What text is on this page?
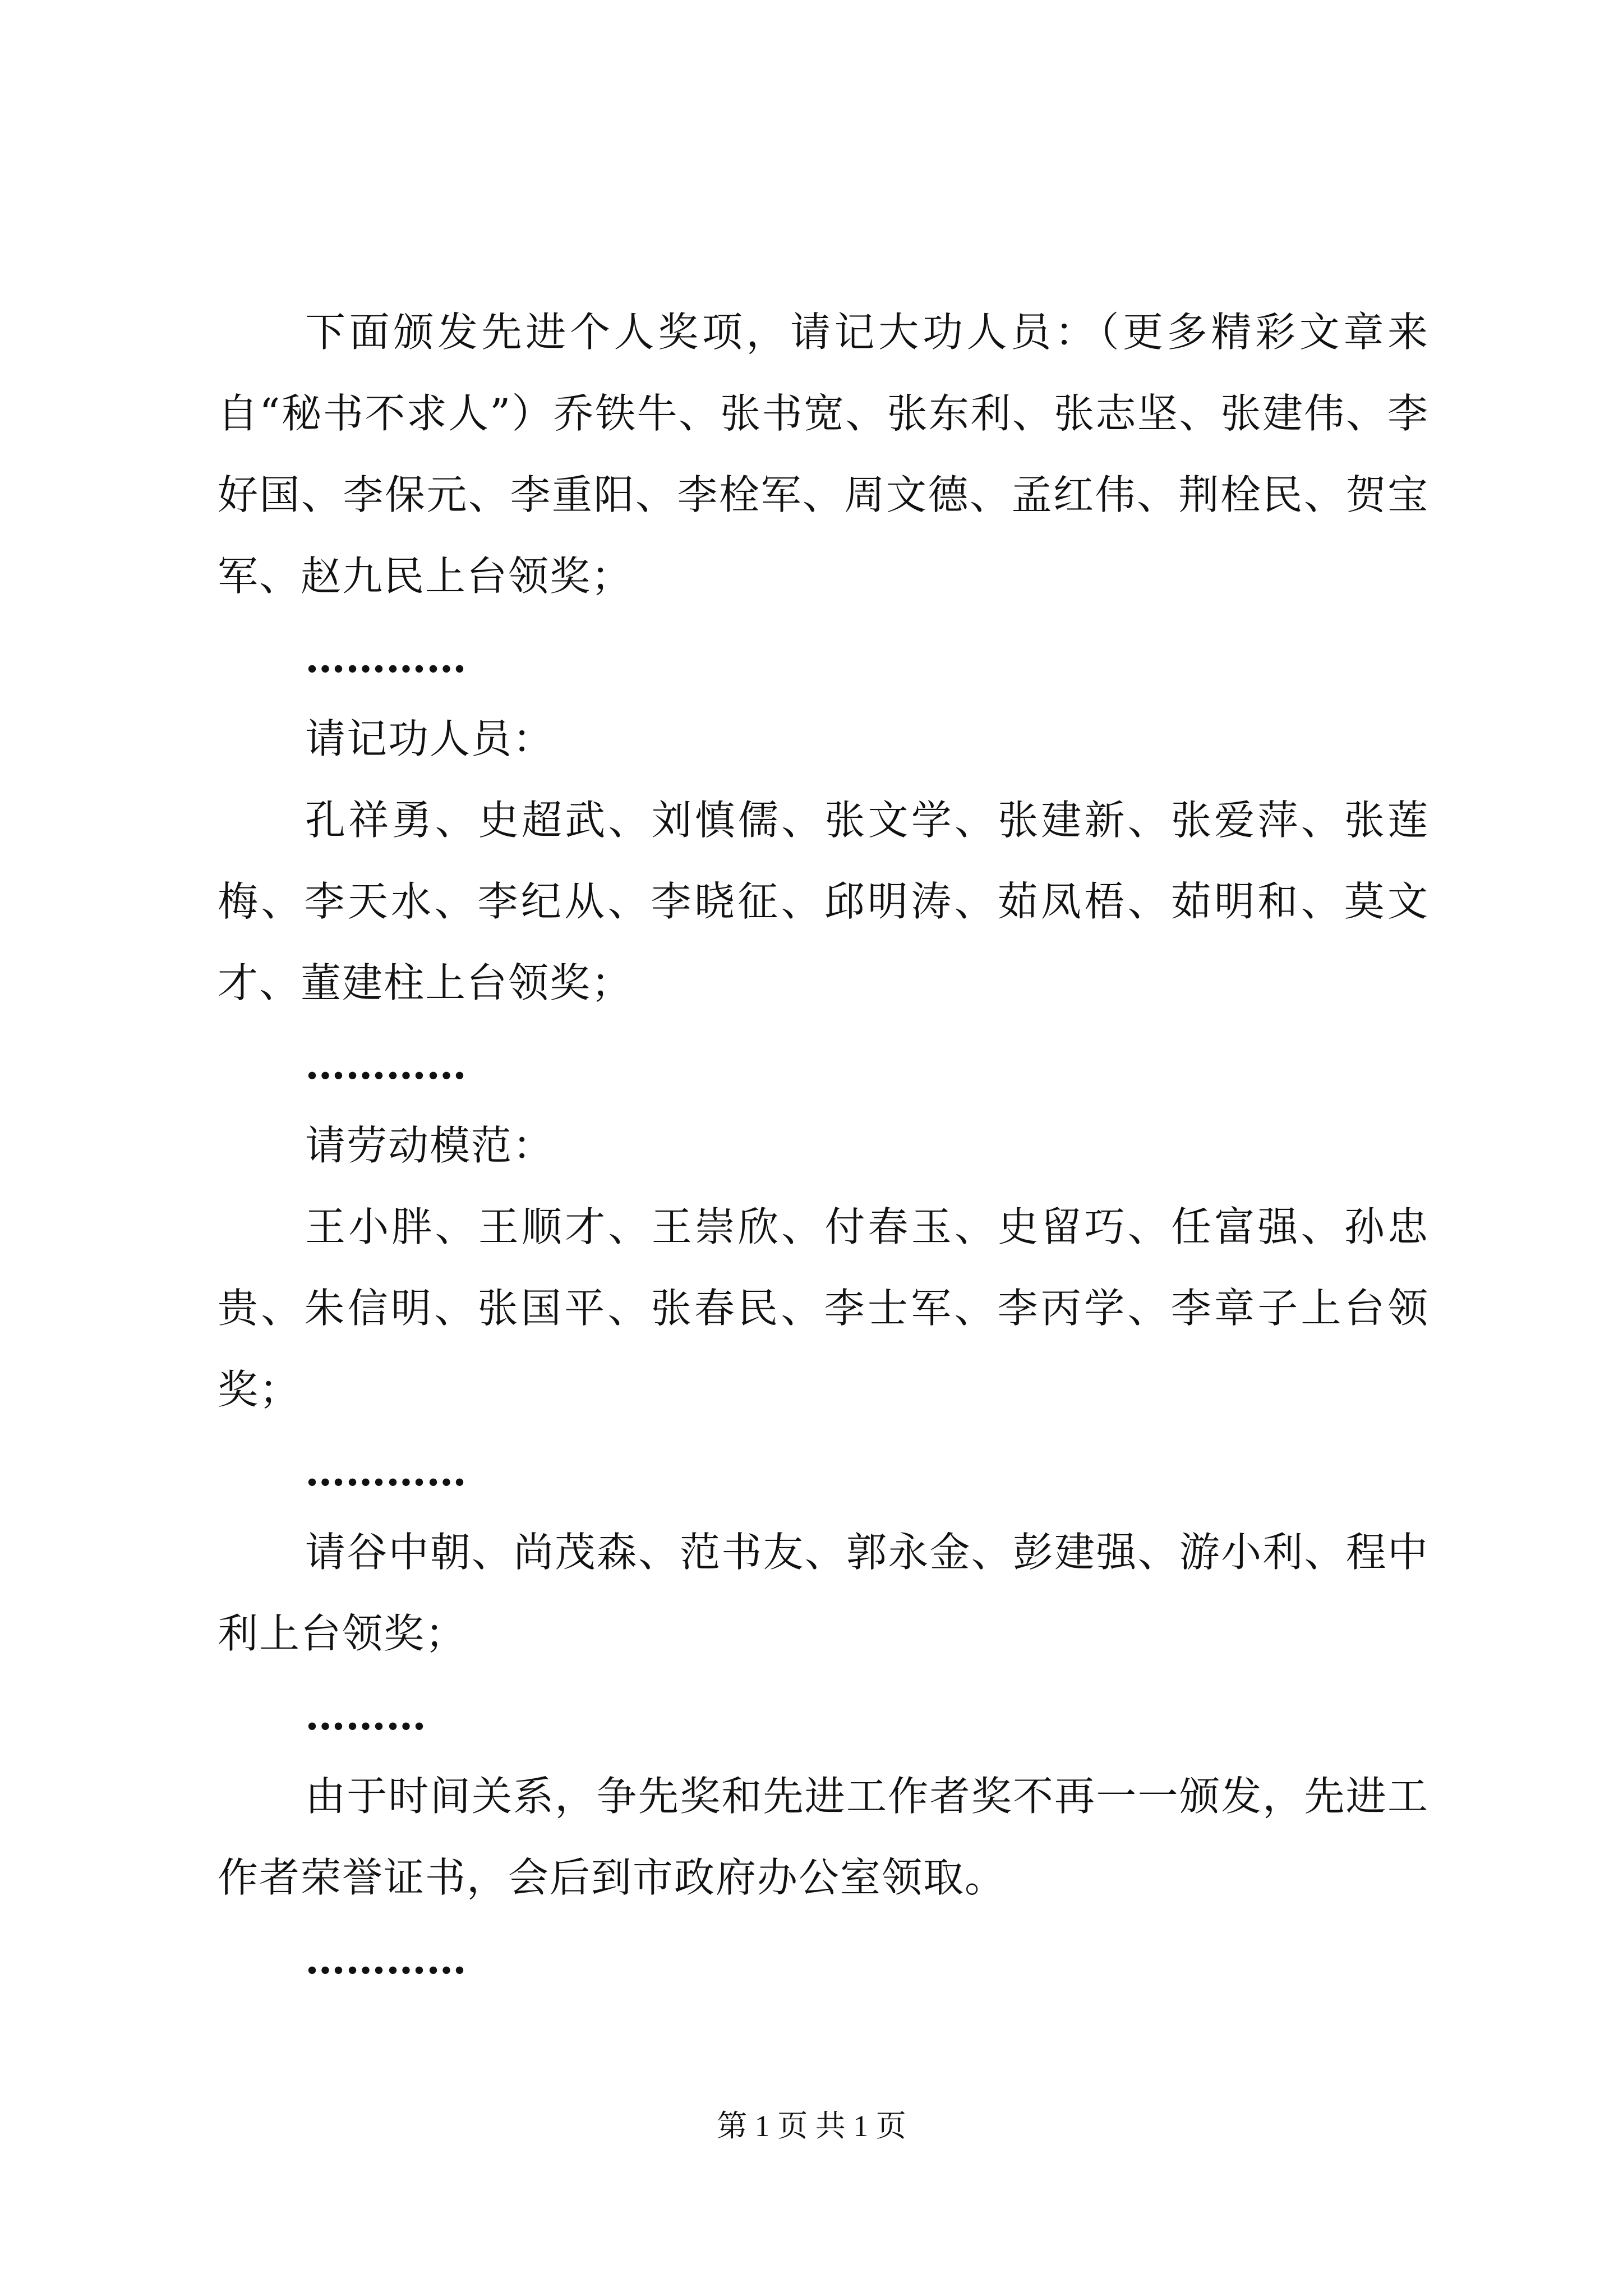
下面颁发先进个人奖项，请记大功人员：（更多精彩文章来自“秘书不求人”）乔铁牛、张书宽、张东利、张志坚、张建伟、李好国、李保元、李重阳、李栓军、周文德、孟红伟、荆栓民、贺宝军、赵九民上台领奖；

…………

请记功人员：

孔祥勇、史超武、刘慎儒、张文学、张建新、张爱萍、张莲梅、李天水、李纪从、李晓征、邱明涛、茹凤梧、茹明和、莫文才、董建柱上台领奖；

…………

请劳动模范：

王小胖、王顺才、王崇欣、付春玉、史留巧、任富强、孙忠贵、朱信明、张国平、张春民、李士军、李丙学、李章子上台领奖；

…………

请谷中朝、尚茂森、范书友、郭永金、彭建强、游小利、程中利上台领奖；

………

由于时间关系，争先奖和先进工作者奖不再一一颁发，先进工作者荣誉证书，会后到市政府办公室领取。

…………

第 1 页 共 1 页
